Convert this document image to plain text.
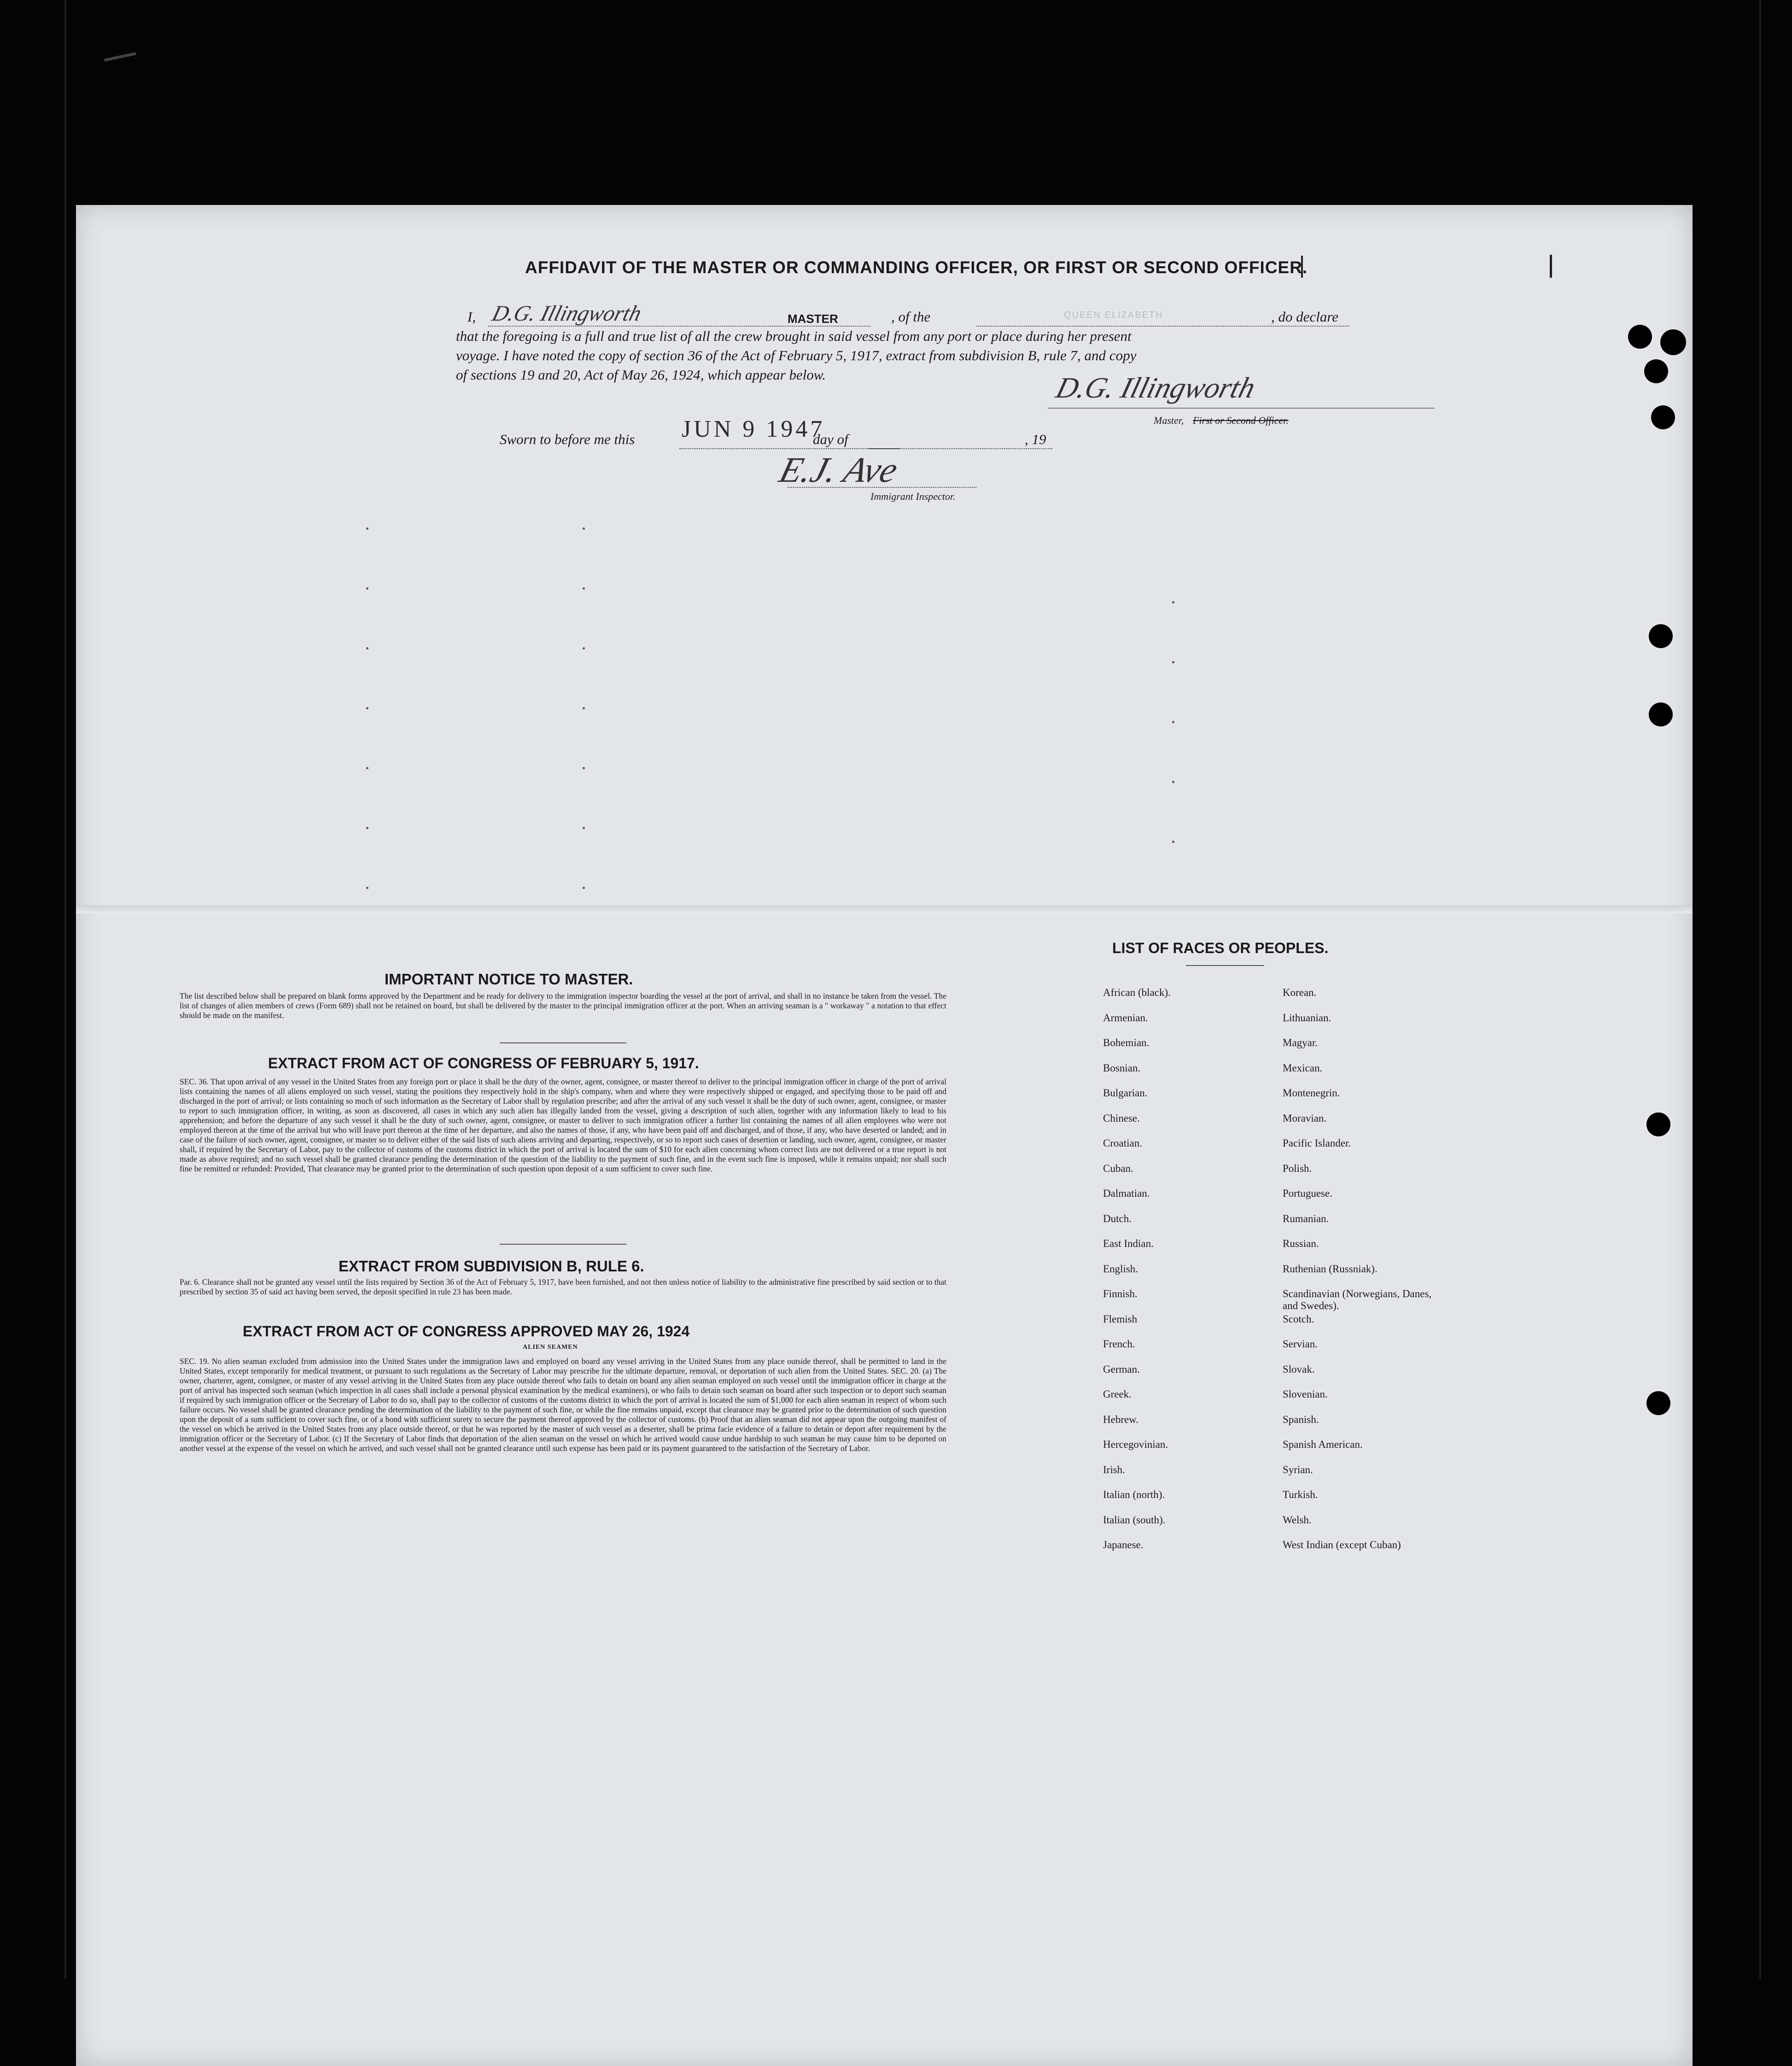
AFFIDAVIT OF THE MASTER OR COMMANDING OFFICER, OR FIRST OR SECOND OFFICER.
I, D.G. Illingworth	MASTER	, of the	QUEEN ELIZABETH	, do declare
that the foregoing is a full and true list of all the crew brought in said vessel from any port or place during her present
voyage. I have noted the copy of section 36 of the Act of February 5, 1917, extract from subdivision B, rule 7, and copy
of sections 19 and 20, Act of May 26, 1924, which appear below.	D.G. Illingworth
Master, First or Second Officer.
Sworn to before me this JUN 9 1947
day of	, 19
E.J. Ave
Immigrant Inspector.
IMPORTANT NOTICE TO MASTER.
The list described below shall be prepared on blank forms approved by the Department and be ready for delivery to the immigration inspector boarding the vessel at the port of arrival, and shall in no instance be taken from the vessel. The list of changes of alien members of crews (Form 689) shall not be retained on board, but shall be delivered by the master to the principal immigration officer at the port. When an arriving seaman is a " workaway " a notation to that effect should be made on the manifest.
EXTRACT FROM ACT OF CONGRESS OF FEBRUARY 5, 1917.
SEC. 36. That upon arrival of any vessel in the United States from any foreign port or place it shall be the duty of the owner, agent, consignee, or master thereof to deliver to the principal immigration officer in charge of the port of arrival lists containing the names of all aliens employed on such vessel, stating the positions they respectively hold in the ship's company, when and where they were respectively shipped or engaged, and specifying those to be paid off and discharged in the port of arrival; or lists containing so much of such information as the Secretary of Labor shall by regulation prescribe; and after the arrival of any such vessel it shall be the duty of such owner, agent, consignee, or master to report to such immigration officer, in writing, as soon as discovered, all cases in which any such alien has illegally landed from the vessel, giving a description of such alien, together with any information likely to lead to his apprehension; and before the departure of any such vessel it shall be the duty of such owner, agent, consignee, or master to deliver to such immigration officer a further list containing the names of all alien employees who were not employed thereon at the time of the arrival but who will leave port thereon at the time of her departure, and also the names of those, if any, who have been paid off and discharged, and of those, if any, who have deserted or landed; and in case of the failure of such owner, agent, consignee, or master so to deliver either of the said lists of such aliens arriving and departing, respectively, or so to report such cases of desertion or landing, such owner, agent, consignee, or master shall, if required by the Secretary of Labor, pay to the collector of customs of the customs district in which the port of arrival is located the sum of $10 for each alien concerning whom correct lists are not delivered or a true report is not made as above required; and no such vessel shall be granted clearance pending the determination of the question of the liability to the payment of such fine, and in the event such fine is imposed, while it remains unpaid; nor shall such fine be remitted or refunded: Provided, That clearance may be granted prior to the determination of such question upon deposit of a sum sufficient to cover such fine.
EXTRACT FROM SUBDIVISION B, RULE 6.
Par. 6. Clearance shall not be granted any vessel until the lists required by Section 36 of the Act of February 5, 1917, have been furnished, and not then unless notice of liability to the administrative fine prescribed by said section or to that prescribed by section 35 of said act having been served, the deposit specified in rule 23 has been made.
EXTRACT FROM ACT OF CONGRESS APPROVED MAY 26, 1924
ALIEN SEAMEN
SEC. 19. No alien seaman excluded from admission into the United States under the immigration laws and employed on board any vessel arriving in the United States from any place outside thereof, shall be permitted to land in the United States, except temporarily for medical treatment, or pursuant to such regulations as the Secretary of Labor may prescribe for the ultimate departure, removal, or deportation of such alien from the United States. SEC. 20. (a) The owner, charterer, agent, consignee, or master of any vessel arriving in the United States from any place outside thereof who fails to detain on board any alien seaman employed on such vessel until the immigration officer in charge at the port of arrival has inspected such seaman (which inspection in all cases shall include a personal physical examination by the medical examiners), or who fails to detain such seaman on board after such inspection or to deport such seaman if required by such immigration officer or the Secretary of Labor to do so, shall pay to the collector of customs of the customs district in which the port of arrival is located the sum of $1,000 for each alien seaman in respect of whom such failure occurs. No vessel shall be granted clearance pending the determination of the liability to the payment of such fine, or while the fine remains unpaid, except that clearance may be granted prior to the determination of such question upon the deposit of a sum sufficient to cover such fine, or of a bond with sufficient surety to secure the payment thereof approved by the collector of customs. (b) Proof that an alien seaman did not appear upon the outgoing manifest of the vessel on which he arrived in the United States from any place outside thereof, or that he was reported by the master of such vessel as a deserter, shall be prima facie evidence of a failure to detain or deport after requirement by the immigration officer or the Secretary of Labor. (c) If the Secretary of Labor finds that deportation of the alien seaman on the vessel on which he arrived would cause undue hardship to such seaman he may cause him to be deported on another vessel at the expense of the vessel on which he arrived, and such vessel shall not be granted clearance until such expense has been paid or its payment guaranteed to the satisfaction of the Secretary of Labor.
LIST OF RACES OR PEOPLES.
African (black).
Armenian.
Bohemian.
Bosnian.
Bulgarian.
Chinese.
Croatian.
Cuban.
Dalmatian.
Dutch.
East Indian.
English.
Finnish.
Flemish
French.
German.
Greek.
Hebrew.
Hercegovinian.
Irish.
Italian (north).
Italian (south).
Japanese.
Korean.
Lithuanian.
Magyar.
Mexican.
Montenegrin.
Moravian.
Pacific Islander.
Polish.
Portuguese.
Rumanian.
Russian.
Ruthenian (Russniak).
Scandinavian (Norwegians, Danes, and Swedes).
Scotch.
Servian.
Slovak.
Slovenian.
Spanish.
Spanish American.
Syrian.
Turkish.
Welsh.
West Indian (except Cuban)
